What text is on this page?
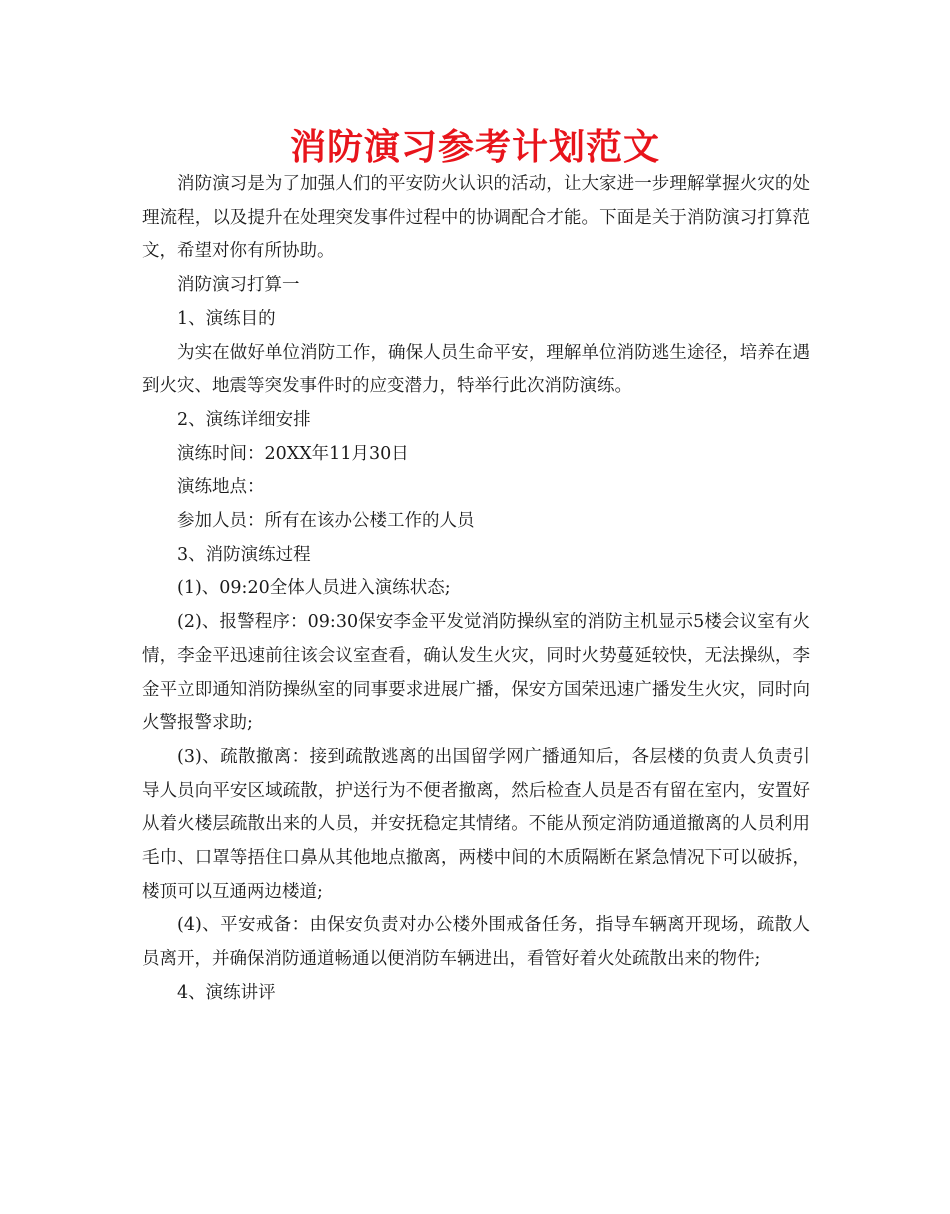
消防演习参考计划范文

消防演习是为了加强人们的平安防火认识的活动，让大家进一步理解掌握火灾的处理流程，以及提升在处理突发事件过程中的协调配合才能。下面是关于消防演习打算范文，希望对你有所协助。

消防演习打算一

1、演练目的

为实在做好单位消防工作，确保人员生命平安，理解单位消防逃生途径，培养在遇到火灾、地震等突发事件时的应变潜力，特举行此次消防演练。

2、演练详细安排

演练时间：20XX年11月30日

演练地点：

参加人员：所有在该办公楼工作的人员

3、消防演练过程

(1)、09:20全体人员进入演练状态;

(2)、报警程序：09:30保安李金平发觉消防操纵室的消防主机显示5楼会议室有火情，李金平迅速前往该会议室查看，确认发生火灾，同时火势蔓延较快，无法操纵，李金平立即通知消防操纵室的同事要求进展广播，保安方国荣迅速广播发生火灾，同时向火警报警求助;

(3)、疏散撤离：接到疏散逃离的出国留学网广播通知后，各层楼的负责人负责引导人员向平安区域疏散，护送行为不便者撤离，然后检查人员是否有留在室内，安置好从着火楼层疏散出来的人员，并安抚稳定其情绪。不能从预定消防通道撤离的人员利用毛巾、口罩等捂住口鼻从其他地点撤离，两楼中间的木质隔断在紧急情况下可以破拆，楼顶可以互通两边楼道;

(4)、平安戒备：由保安负责对办公楼外围戒备任务，指导车辆离开现场，疏散人员离开，并确保消防通道畅通以便消防车辆进出，看管好着火处疏散出来的物件;

4、演练讲评
